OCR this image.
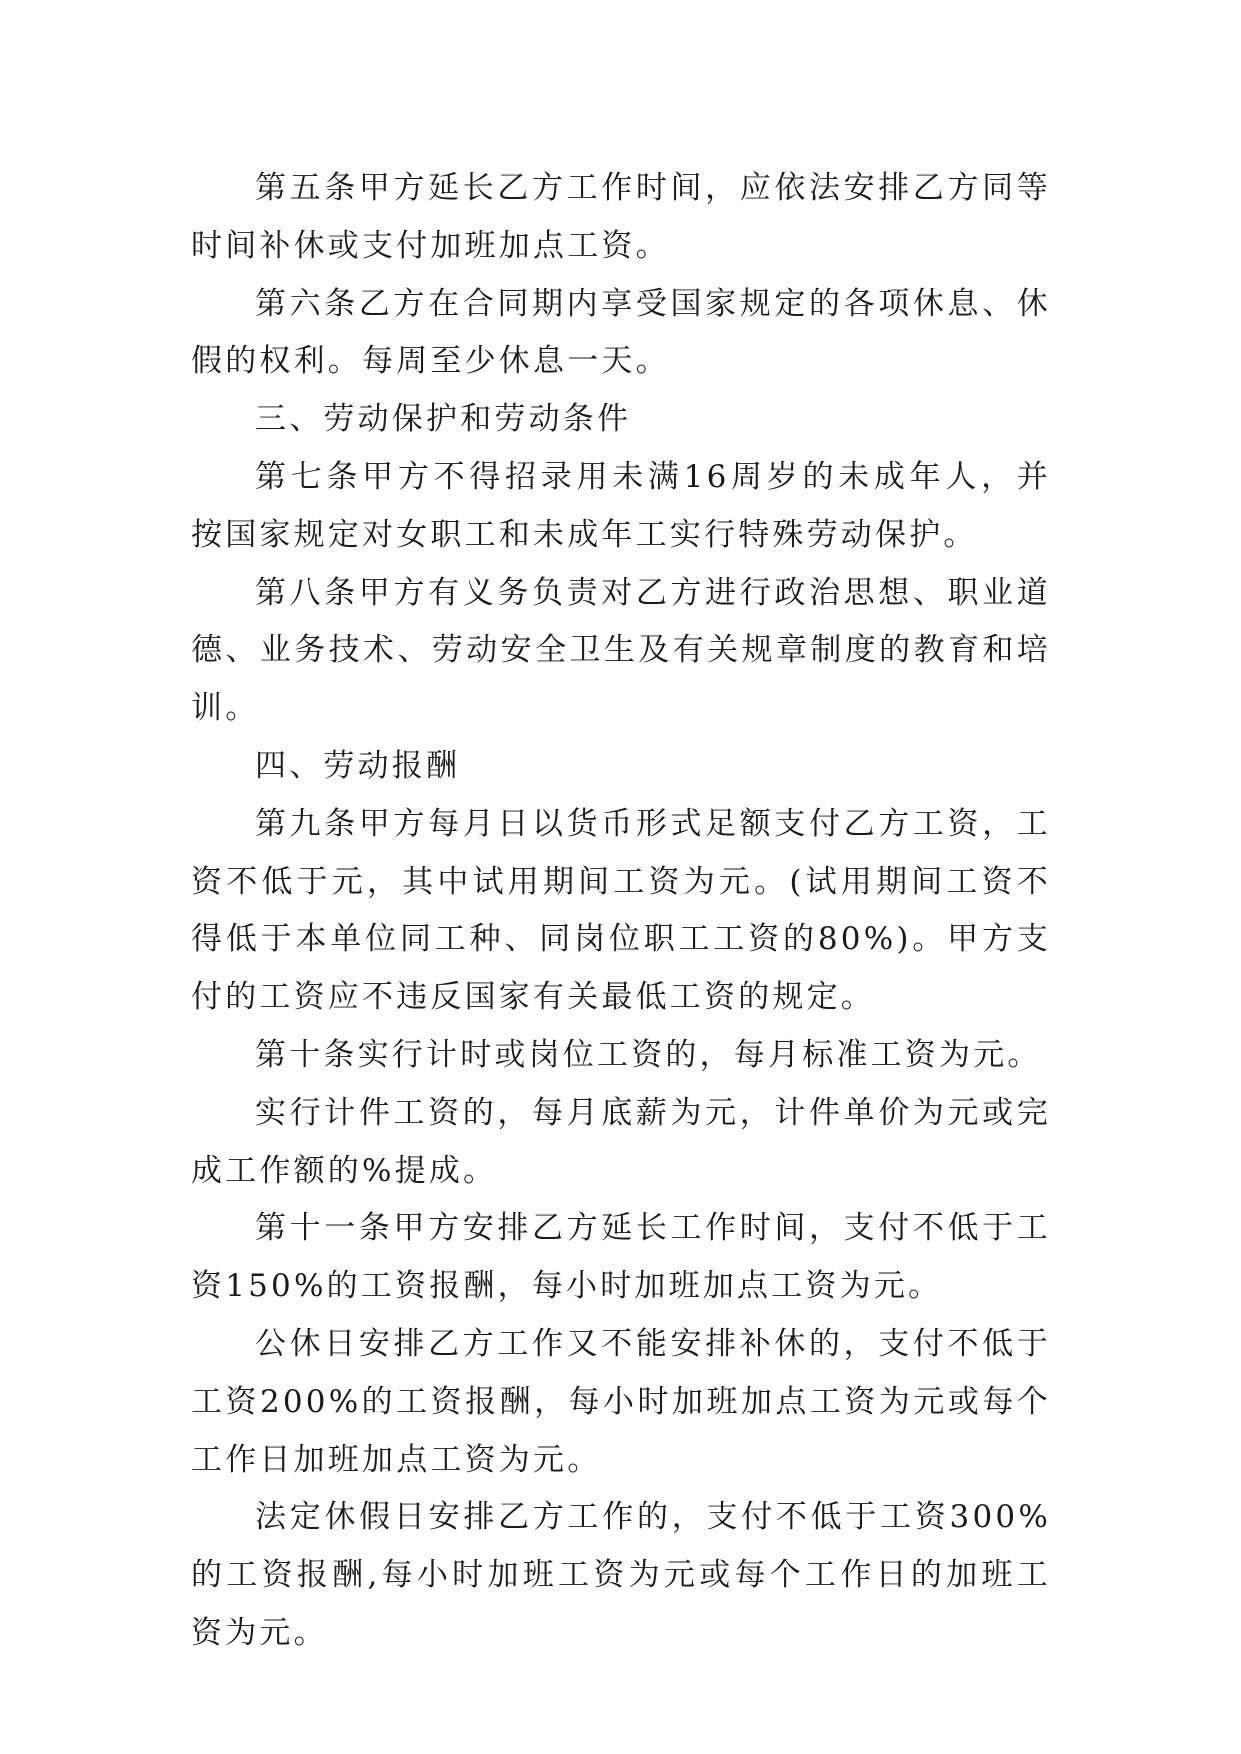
第五条甲方延长乙方工作时间，应依法安排乙方同等时间补休或支付加班加点工资。

第六条乙方在合同期内享受国家规定的各项休息、休假的权利。每周至少休息一天。

三、劳动保护和劳动条件

第七条甲方不得招录用未满16周岁的未成年人，并按国家规定对女职工和未成年工实行特殊劳动保护。

第八条甲方有义务负责对乙方进行政治思想、职业道德、业务技术、劳动安全卫生及有关规章制度的教育和培训。

四、劳动报酬

第九条甲方每月日以货币形式足额支付乙方工资，工资不低于元，其中试用期间工资为元。(试用期间工资不得低于本单位同工种、同岗位职工工资的80%)。甲方支付的工资应不违反国家有关最低工资的规定。

第十条实行计时或岗位工资的，每月标准工资为元。

实行计件工资的，每月底薪为元，计件单价为元或完成工作额的%提成。

第十一条甲方安排乙方延长工作时间，支付不低于工资150%的工资报酬，每小时加班加点工资为元。

公休日安排乙方工作又不能安排补休的，支付不低于工资200%的工资报酬，每小时加班加点工资为元或每个工作日加班加点工资为元。

法定休假日安排乙方工作的，支付不低于工资300%的工资报酬,每小时加班工资为元或每个工作日的加班工资为元。
